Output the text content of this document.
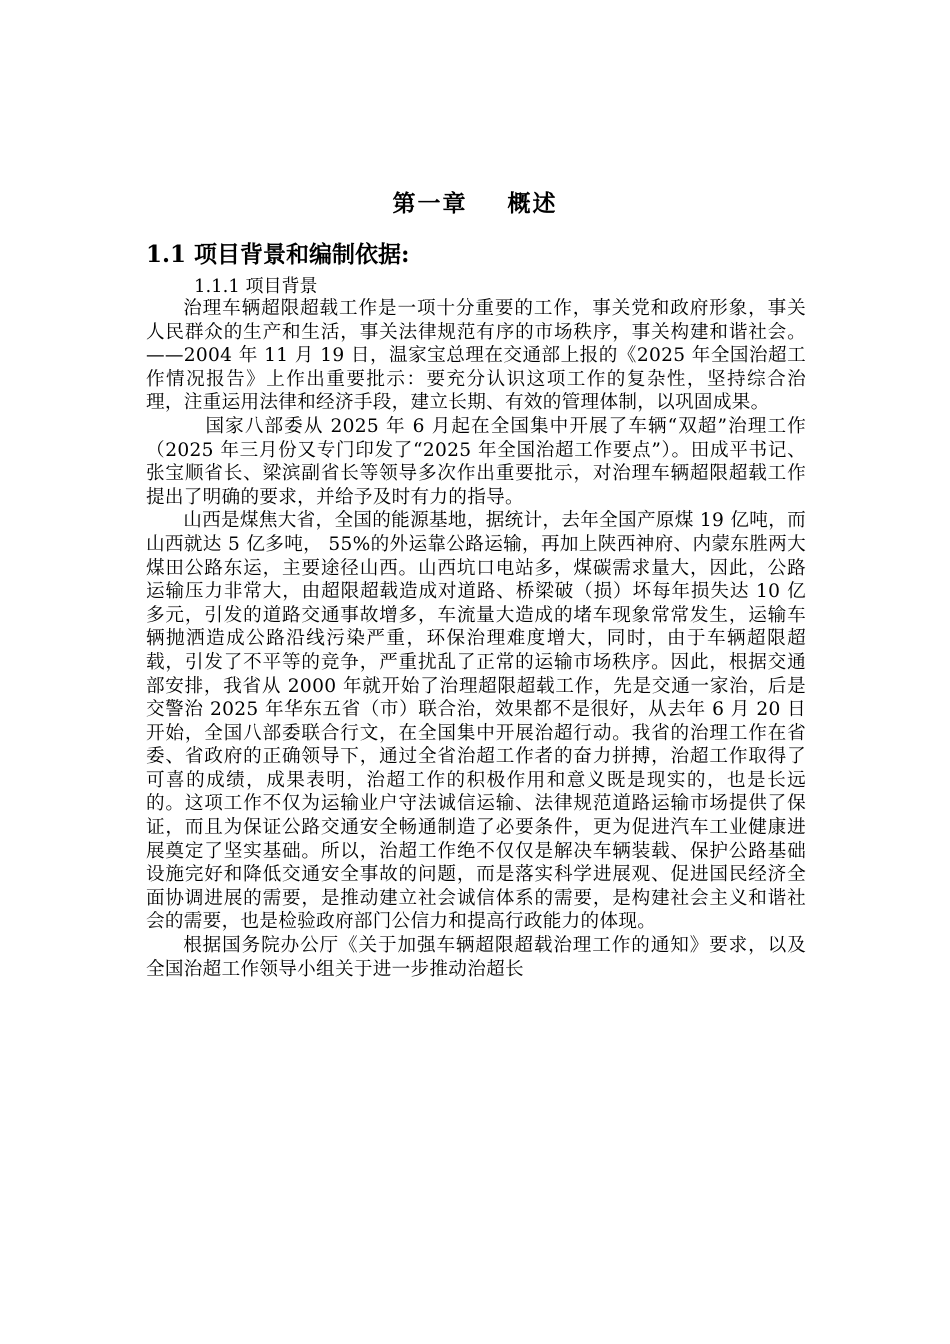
第一章    概述
1.1 项目背景和编制依据:
1.1.1 项目背景

治理车辆超限超载工作是一项十分重要的工作，事关党和政府形象，事关人民群众的生产和生活，事关法律规范有序的市场秩序，事关构建和谐社会。——2004 年 11 月 19 日，温家宝总理在交通部上报的《2025 年全国治超工作情况报告》上作出重要批示：要充分认识这项工作的复杂性，坚持综合治理，注重运用法律和经济手段，建立长期、有效的管理体制，以巩固成果。

国家八部委从 2025 年 6 月起在全国集中开展了车辆“双超”治理工作（2025 年三月份又专门印发了“2025 年全国治超工作要点”）。田成平书记、张宝顺省长、梁滨副省长等领导多次作出重要批示，对治理车辆超限超载工作提出了明确的要求，并给予及时有力的指导。

山西是煤焦大省，全国的能源基地，据统计，去年全国产原煤 19 亿吨，而山西就达 5 亿多吨， 55%的外运靠公路运输，再加上陕西神府、内蒙东胜两大煤田公路东运，主要途径山西。山西坑口电站多，煤碳需求量大，因此，公路运输压力非常大，由超限超载造成对道路、桥梁破（损）坏每年损失达 10 亿多元，引发的道路交通事故增多，车流量大造成的堵车现象常常发生，运输车辆抛洒造成公路沿线污染严重，环保治理难度增大，同时，由于车辆超限超载，引发了不平等的竞争，严重扰乱了正常的运输市场秩序。因此，根据交通部安排，我省从 2000 年就开始了治理超限超载工作，先是交通一家治，后是交警治 2025 年华东五省（市）联合治，效果都不是很好，从去年 6 月 20 日开始，全国八部委联合行文，在全国集中开展治超行动。我省的治理工作在省委、省政府的正确领导下，通过全省治超工作者的奋力拼搏，治超工作取得了可喜的成绩，成果表明，治超工作的积极作用和意义既是现实的，也是长远的。这项工作不仅为运输业户守法诚信运输、法律规范道路运输市场提供了保证，而且为保证公路交通安全畅通制造了必要条件，更为促进汽车工业健康进展奠定了坚实基础。所以，治超工作绝不仅仅是解决车辆装载、保护公路基础设施完好和降低交通安全事故的问题，而是落实科学进展观、促进国民经济全面协调进展的需要，是推动建立社会诚信体系的需要，是构建社会主义和谐社会的需要，也是检验政府部门公信力和提高行政能力的体现。

根据国务院办公厅《关于加强车辆超限超载治理工作的通知》要求，以及全国治超工作领导小组关于进一步推动治超长
